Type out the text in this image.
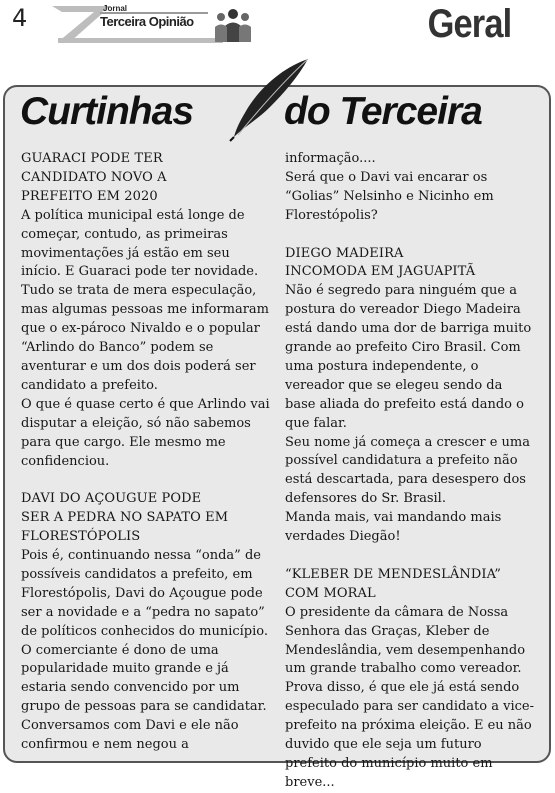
4	Jornal
Terceira Opinião	Geral
Curtinhas do Terceira

GUARACI PODE TER
CANDIDATO NOVO A
PREFEITO EM 2020

A política municipal está longe de começar, contudo, as primeiras movimentações já estão em seu início. E Guaraci pode ter novidade. Tudo se trata de mera especulação, mas algumas pessoas me informaram que o ex-pároco Nivaldo e o popular “Arlindo do Banco” podem se aventurar e um dos dois poderá ser candidato a prefeito.

O que é quase certo é que Arlindo vai disputar a eleição, só não sabemos para que cargo. Ele mesmo me confidenciou.

DAVI DO AÇOUGUE PODE
SER A PEDRA NO SAPATO EM
FLORESTÓPOLIS

Pois é, continuando nessa “onda” de possíveis candidatos a prefeito, em Florestópolis, Davi do Açougue pode ser a novidade e a “pedra no sapato” de políticos conhecidos do município.

O comerciante é dono de uma popularidade muito grande e já estaria sendo convencido por um grupo de pessoas para se candidatar. Conversamos com Davi e ele não confirmou e nem negou a

informação....

Será que o Davi vai encarar os “Golias” Nelsinho e Nicinho em Florestópolis?

DIEGO MADEIRA
INCOMODA EM JAGUAPITÃ

Não é segredo para ninguém que a postura do vereador Diego Madeira está dando uma dor de barriga muito grande ao prefeito Ciro Brasil. Com uma postura independente, o vereador que se elegeu sendo da base aliada do prefeito está dando o que falar.

Seu nome já começa a crescer e uma possível candidatura a prefeito não está descartada, para desespero dos defensores do Sr. Brasil.

Manda mais, vai mandando mais verdades Diegão!

“KLEBER DE MENDESLÂNDIA”
COM MORAL

O presidente da câmara de Nossa Senhora das Graças, Kleber de Mendeslândia, vem desempenhando um grande trabalho como vereador.

Prova disso, é que ele já está sendo especulado para ser candidato a vice-prefeito na próxima eleição. E eu não duvido que ele seja um futuro prefeito do município muito em breve...
